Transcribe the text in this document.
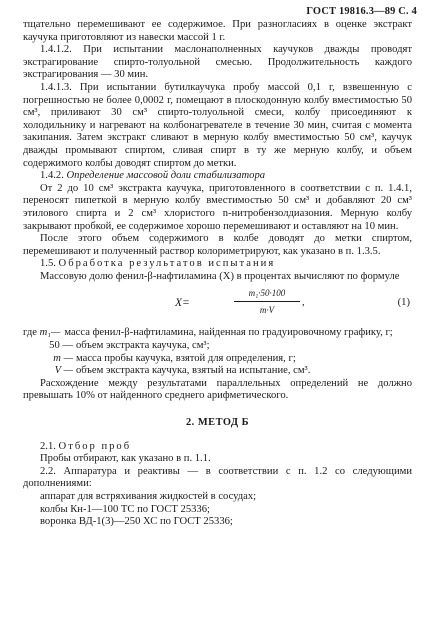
ГОСТ 19816.3—89 С. 4

тщательно перемешивают ее содержимое. При разногласиях в оценке экстракт каучука приготовляют из навески массой 1 г.

1.4.1.2. При испытании маслонаполненных каучуков дважды проводят экстрагирование спирто-толуольной смесью. Продолжительность каждого экстрагирования — 30 мин.

1.4.1.3. При испытании бутилкаучука пробу массой 0,1 г, взвешенную с погрешностью не более 0,0002 г, помещают в плоскодонную колбу вместимостью 50 см³, приливают 30 см³ спирто-толуольной смеси, колбу присоединяют к холодильнику и нагревают на колбонагревателе в течение 30 мин, считая с момента закипания. Затем экстракт сливают в мерную колбу вместимостью 50 см³, каучук дважды промывают спиртом, сливая спирт в ту же мерную колбу, и объем содержимого колбы доводят спиртом до метки.

1.4.2. Определение массовой доли стабилизатора

От 2 до 10 см³ экстракта каучука, приготовленного в соответствии с п. 1.4.1, переносят пипеткой в мерную колбу вместимостью 50 см³ и добавляют 20 см³ этилового спирта и 2 см³ хлористого n-нитробензолдиазония. Мерную колбу закрывают пробкой, ее содержимое хорошо перемешивают и оставляют на 10 мин.

После этого объем содержимого в колбе доводят до метки спиртом, перемешивают и полученный раствор колориметрируют, как указано в п. 1.3.5.

1.5. Обработка результатов испытания

Массовую долю фенил-β-нафтиламина (X) в процентах вычисляют по формуле

X=	$\frac{\text{m₁·50·100}}{m\cdot V}$ ,	(1)
где m₁— масса фенил-β-нафтиламина, найденная по градуировочному графику, г;
50 — объем экстракта каучука, см³;
m — масса пробы каучука, взятой для определения, г;
V — объем экстракта каучука, взятый на испытание, см³.

Расхождение между результатами параллельных определений не должно превышать 10% от найденного среднего арифметического.

2. МЕТОД Б

2.1. Отбор проб

Пробы отбирают, как указано в п. 1.1.

2.2. Аппаратура и реактивы — в соответствии с п. 1.2 со следующими дополнениями:

аппарат для встряхивания жидкостей в сосудах;

колбы Кн-1—100 ТС по ГОСТ 25336;

воронка ВД-1(3)—250 ХС по ГОСТ 25336;
